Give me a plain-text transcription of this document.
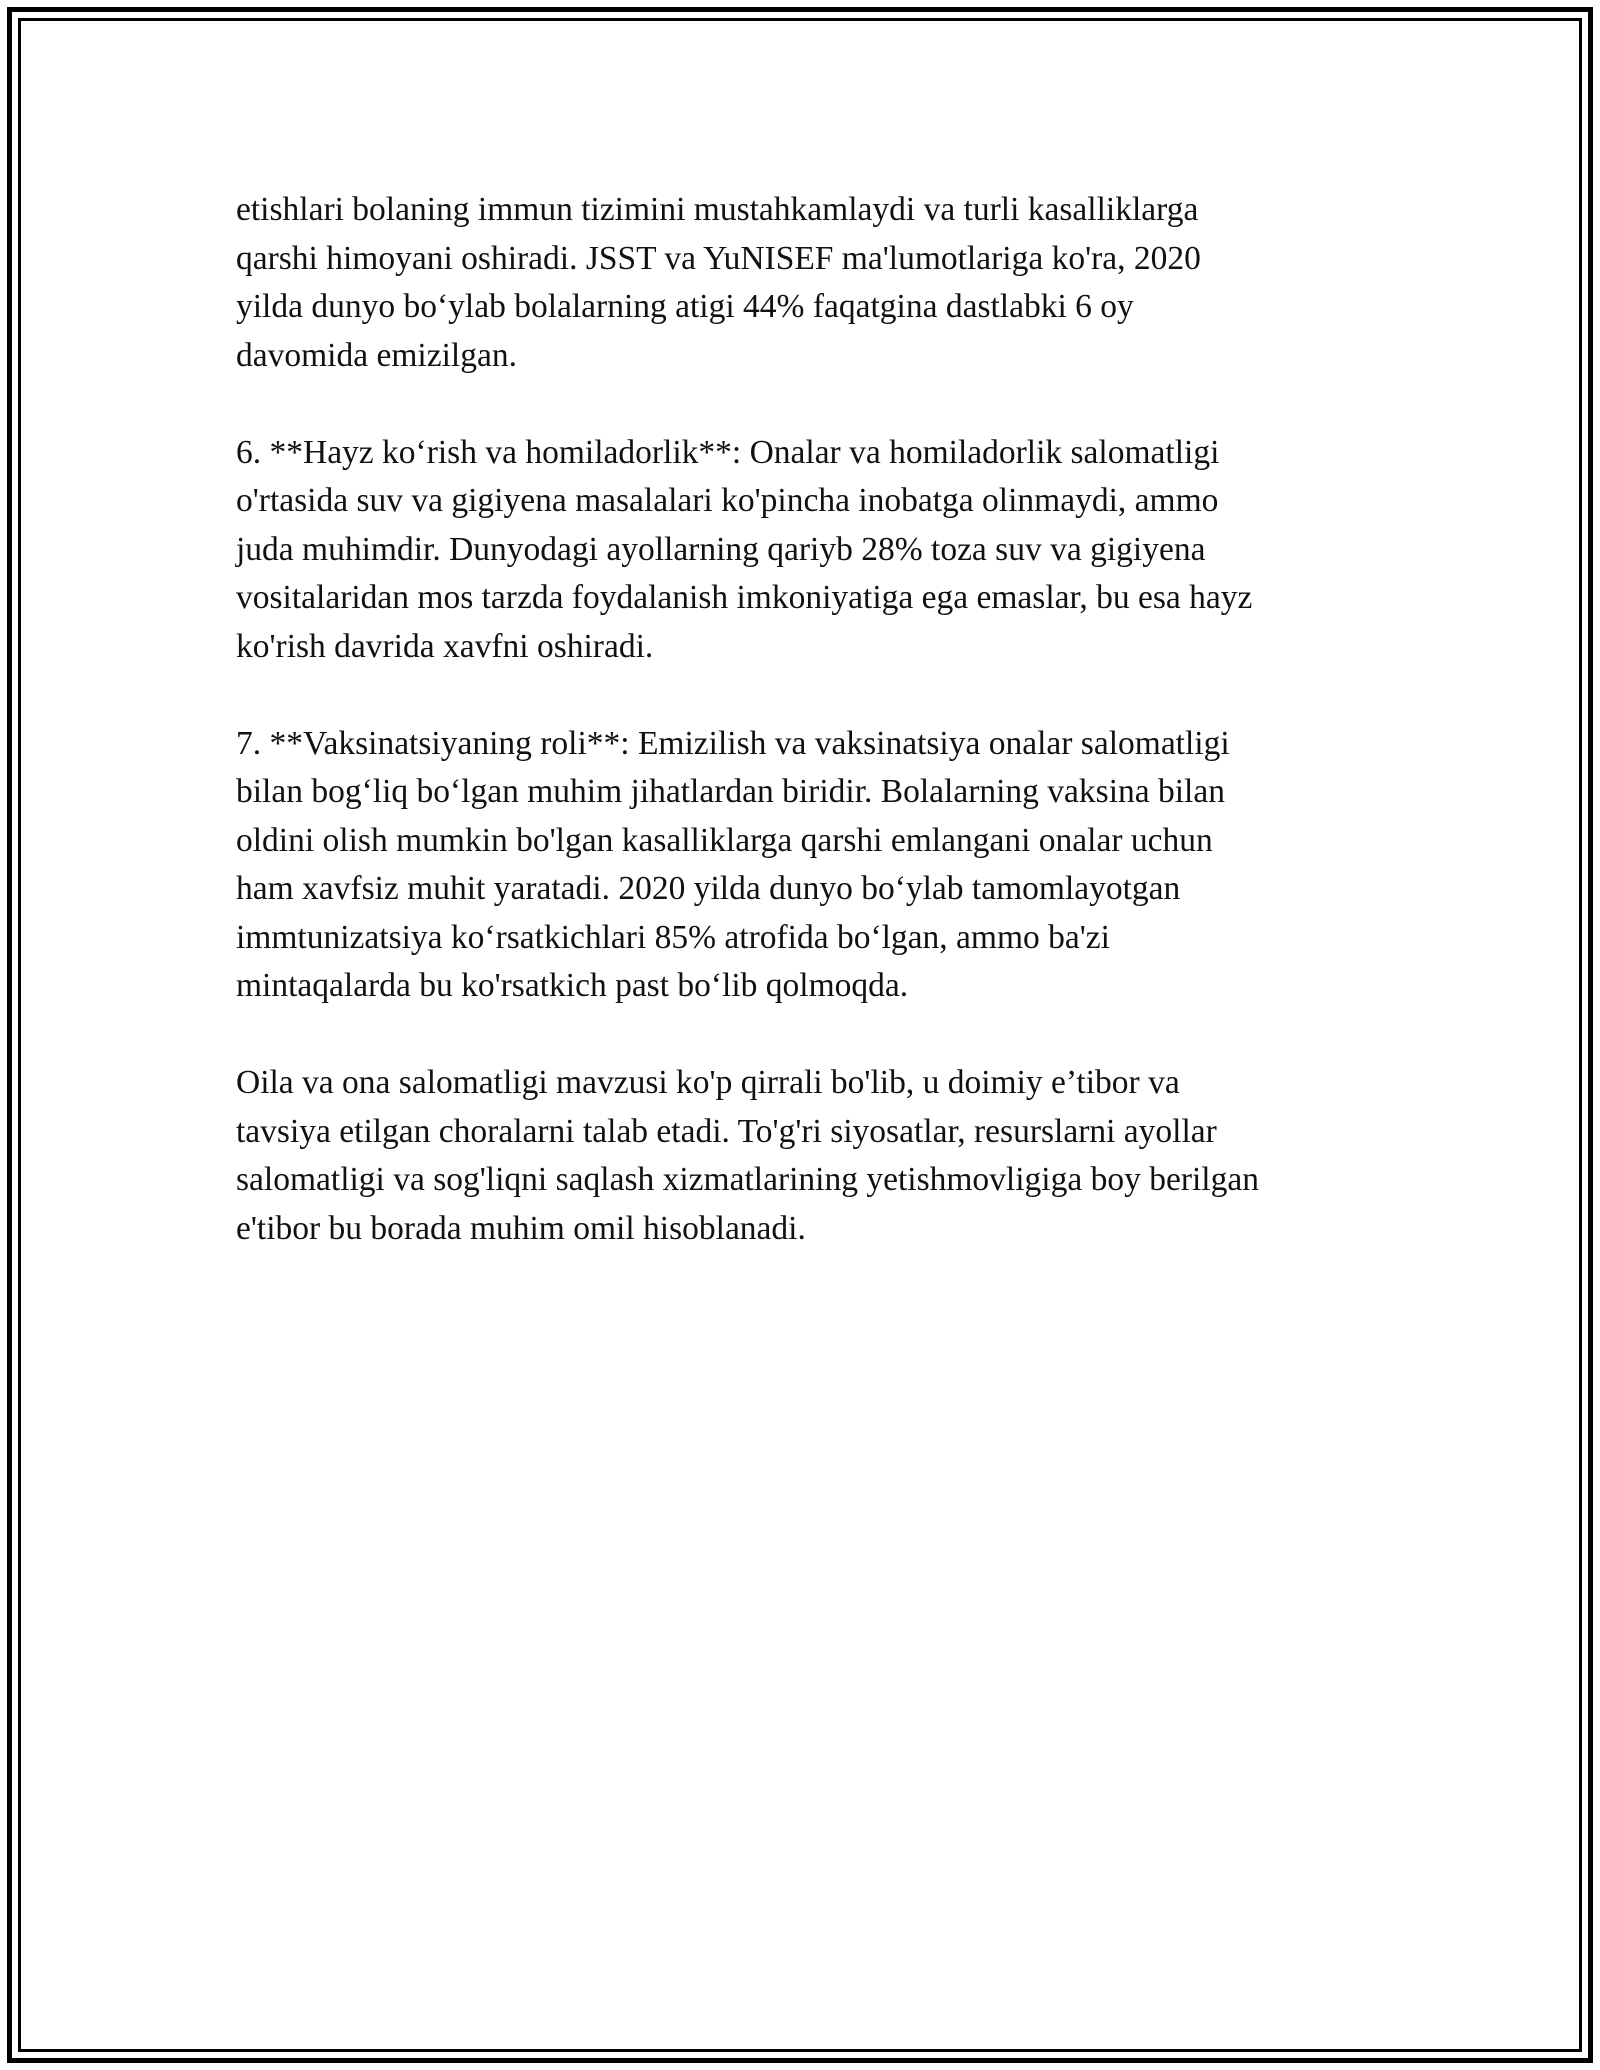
etishlari bolaning immun tizimini mustahkamlaydi va turli kasalliklarga
qarshi himoyani oshiradi. JSST va YuNISEF ma'lumotlariga ko'ra, 2020
yilda dunyo bo‘ylab bolalarning atigi 44% faqatgina dastlabki 6 oy
davomida emizilgan.

6. **Hayz ko‘rish va homiladorlik**: Onalar va homiladorlik salomatligi
o'rtasida suv va gigiyena masalalari ko'pincha inobatga olinmaydi, ammo
juda muhimdir. Dunyodagi ayollarning qariyb 28% toza suv va gigiyena
vositalaridan mos tarzda foydalanish imkoniyatiga ega emaslar, bu esa hayz
ko'rish davrida xavfni oshiradi.

7. **Vaksinatsiyaning roli**: Emizilish va vaksinatsiya onalar salomatligi
bilan bog‘liq bo‘lgan muhim jihatlardan biridir. Bolalarning vaksina bilan
oldini olish mumkin bo'lgan kasalliklarga qarshi emlangani onalar uchun
ham xavfsiz muhit yaratadi. 2020 yilda dunyo bo‘ylab tamomlayotgan
immtunizatsiya ko‘rsatkichlari 85% atrofida bo‘lgan, ammo ba'zi
mintaqalarda bu ko'rsatkich past bo‘lib qolmoqda.

Oila va ona salomatligi mavzusi ko'p qirrali bo'lib, u doimiy e’tibor va
tavsiya etilgan choralarni talab etadi. To'g'ri siyosatlar, resurslarni ayollar
salomatligi va sog'liqni saqlash xizmatlarining yetishmovligiga boy berilgan
e'tibor bu borada muhim omil hisoblanadi.
